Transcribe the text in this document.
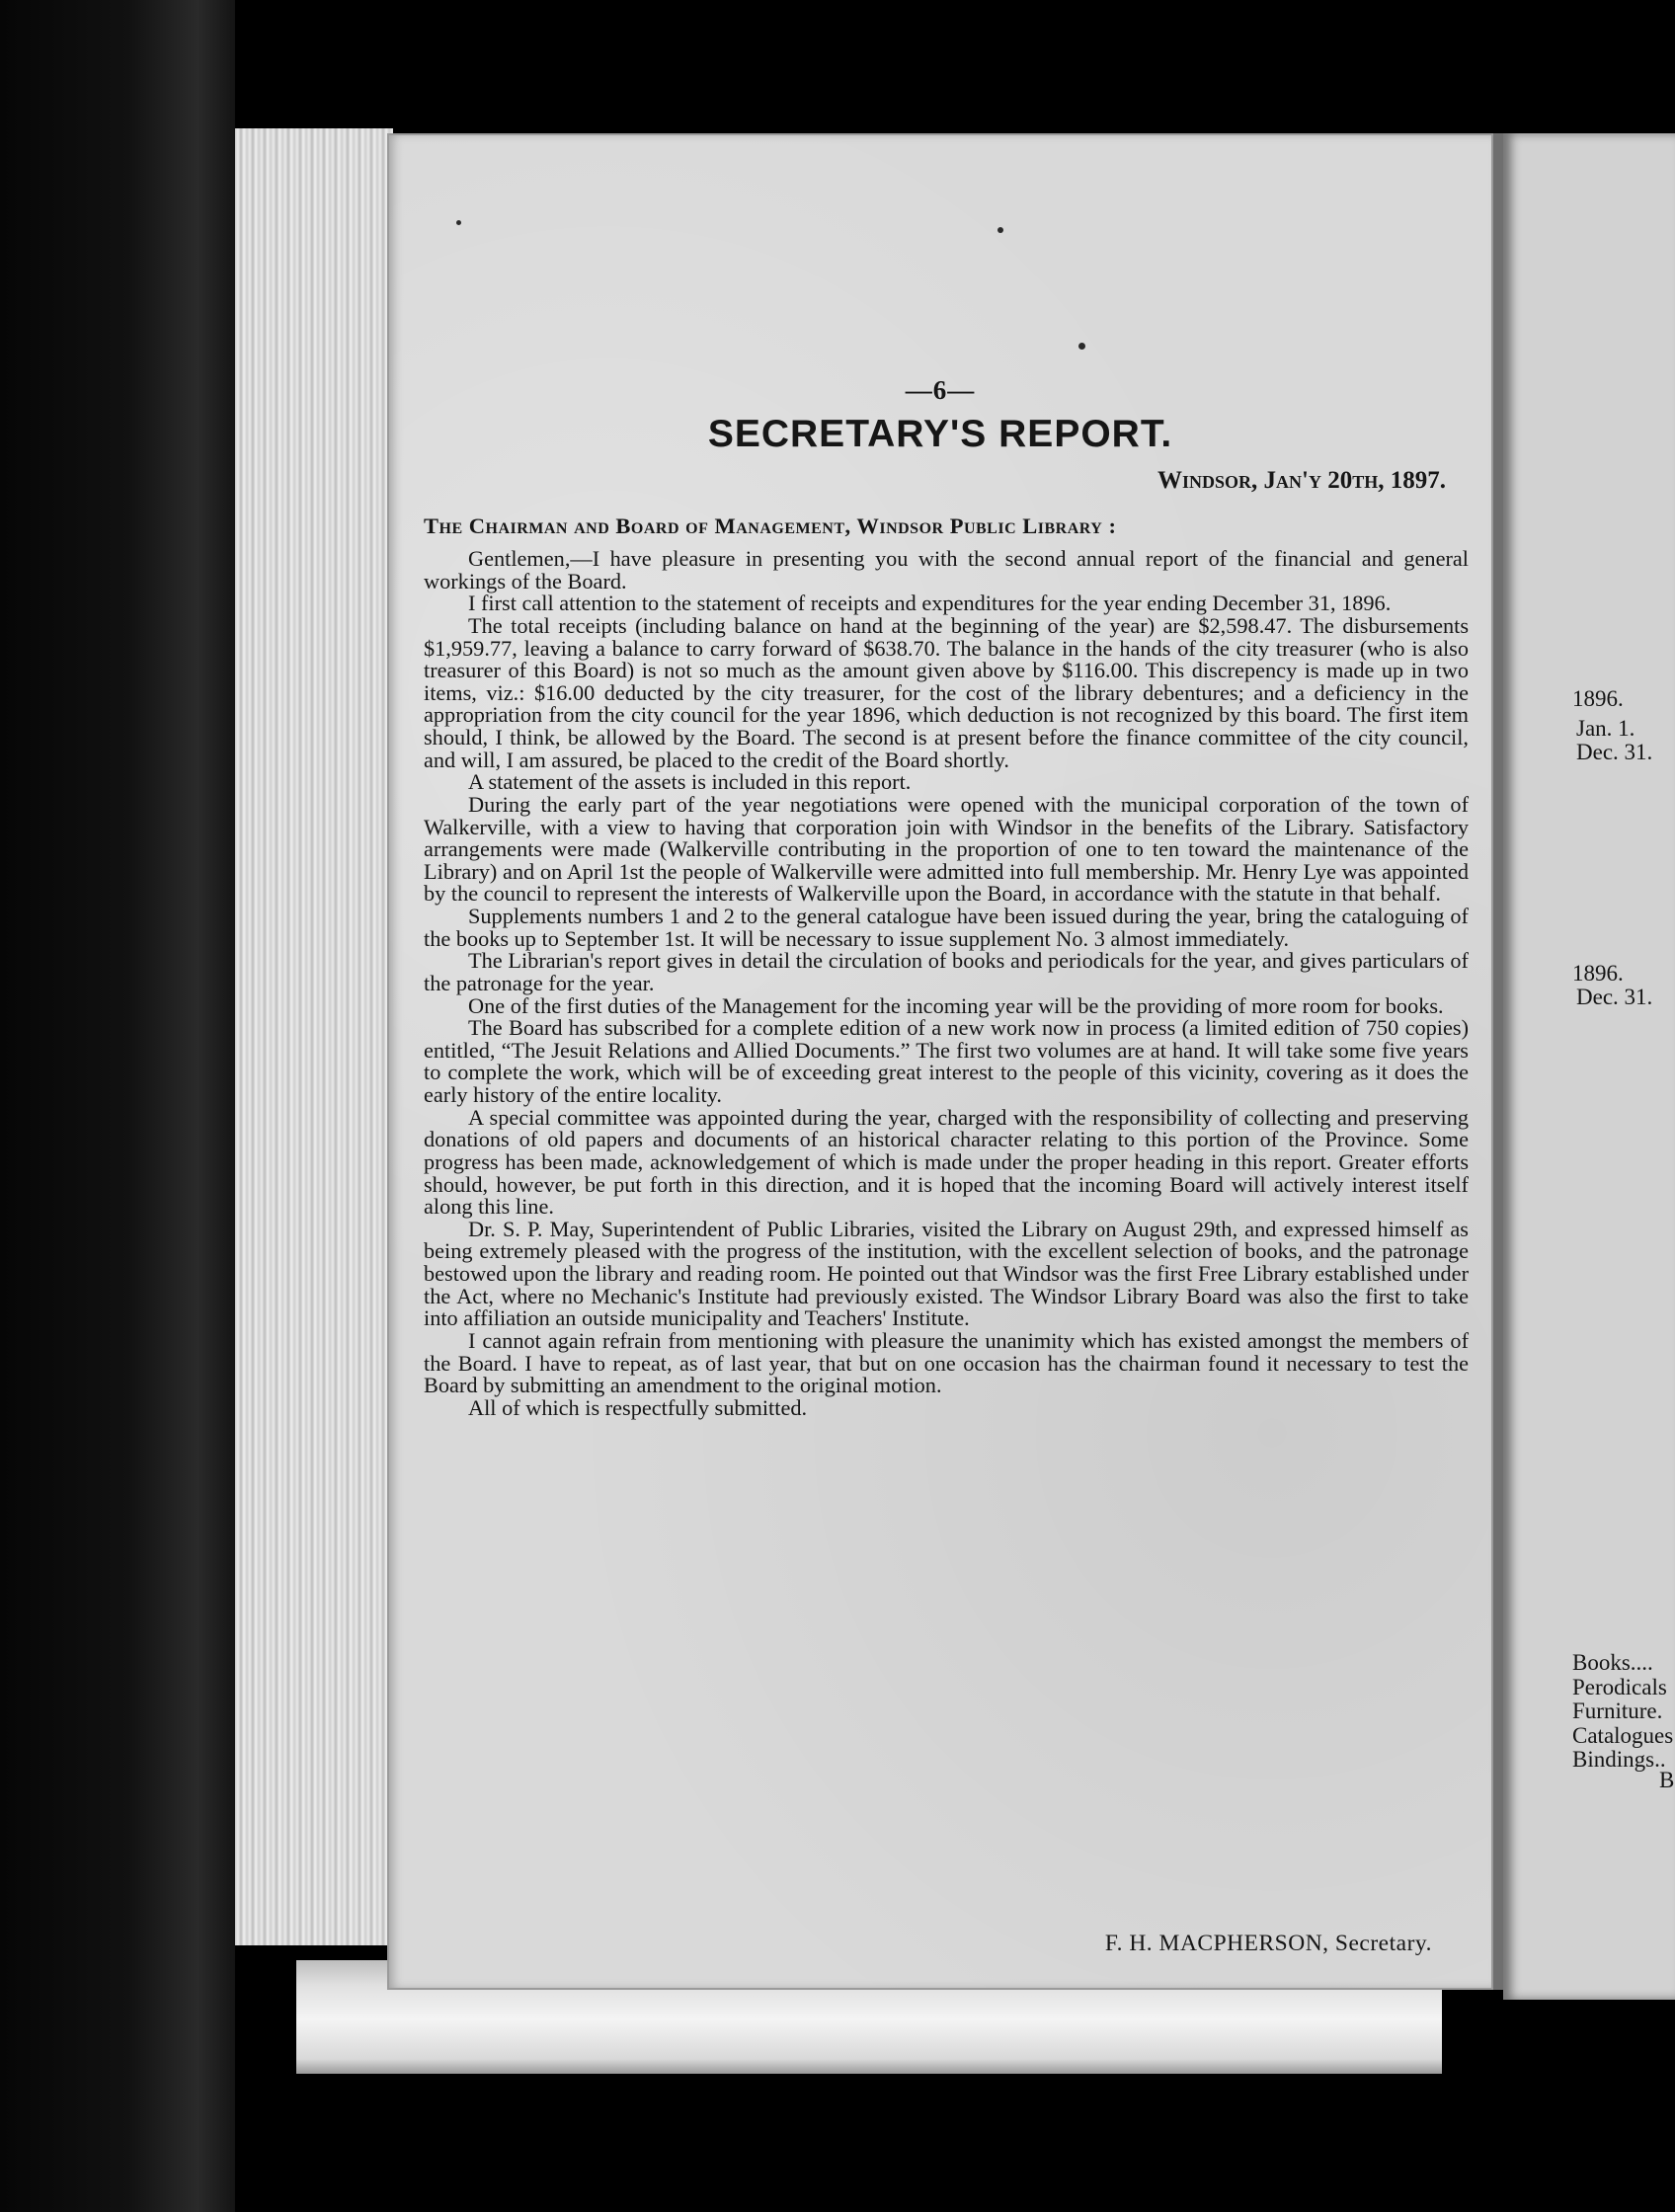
—6—
SECRETARY'S REPORT.
Windsor, Jan'y 20th, 1897.
The Chairman and Board of Management, Windsor Public Library :

Gentlemen,—I have pleasure in presenting you with the second annual report of the financial and general workings of the Board.

I first call attention to the statement of receipts and expenditures for the year ending December 31, 1896.

The total receipts (including balance on hand at the beginning of the year) are $2,598.47. The disbursements $1,959.77, leaving a balance to carry forward of $638.70. The balance in the hands of the city treasurer (who is also treasurer of this Board) is not so much as the amount given above by $116.00. This discrepency is made up in two items, viz.: $16.00 deducted by the city treasurer, for the cost of the library debentures; and a deficiency in the appropriation from the city council for the year 1896, which deduction is not recognized by this board. The first item should, I think, be allowed by the Board. The second is at present before the finance committee of the city council, and will, I am assured, be placed to the credit of the Board shortly.

A statement of the assets is included in this report.

During the early part of the year negotiations were opened with the municipal corporation of the town of Walkerville, with a view to having that corporation join with Windsor in the benefits of the Library. Satisfactory arrangements were made (Walkerville contributing in the proportion of one to ten toward the maintenance of the Library) and on April 1st the people of Walkerville were admitted into full membership. Mr. Henry Lye was appointed by the council to represent the interests of Walkerville upon the Board, in accordance with the statute in that behalf.

Supplements numbers 1 and 2 to the general catalogue have been issued during the year, bring the cataloguing of the books up to September 1st. It will be necessary to issue supplement No. 3 almost immediately.

The Librarian's report gives in detail the circulation of books and periodicals for the year, and gives particulars of the patronage for the year.

One of the first duties of the Management for the incoming year will be the providing of more room for books.

The Board has subscribed for a complete edition of a new work now in process (a limited edition of 750 copies) entitled, “The Jesuit Relations and Allied Documents.” The first two volumes are at hand. It will take some five years to complete the work, which will be of exceeding great interest to the people of this vicinity, covering as it does the early history of the entire locality.

A special committee was appointed during the year, charged with the responsibility of collecting and preserving donations of old papers and documents of an historical character relating to this portion of the Province. Some progress has been made, acknowledgement of which is made under the proper heading in this report. Greater efforts should, however, be put forth in this direction, and it is hoped that the incoming Board will actively interest itself along this line.

Dr. S. P. May, Superintendent of Public Libraries, visited the Library on August 29th, and expressed himself as being extremely pleased with the progress of the institution, with the excellent selection of books, and the patronage bestowed upon the library and reading room. He pointed out that Windsor was the first Free Library established under the Act, where no Mechanic's Institute had previously existed. The Windsor Library Board was also the first to take into affiliation an outside municipality and Teachers' Institute.

I cannot again refrain from mentioning with pleasure the unanimity which has existed amongst the members of the Board. I have to repeat, as of last year, that but on one occasion has the chairman found it necessary to test the Board by submitting an amendment to the original motion.

All of which is respectfully submitted.

F. H. MACPHERSON, Secretary.
1896.
Jan. 1.
Dec. 31.
1896.
Dec. 31.
Books....
Perodicals
Furniture.
Catalogues
Bindings..
B
